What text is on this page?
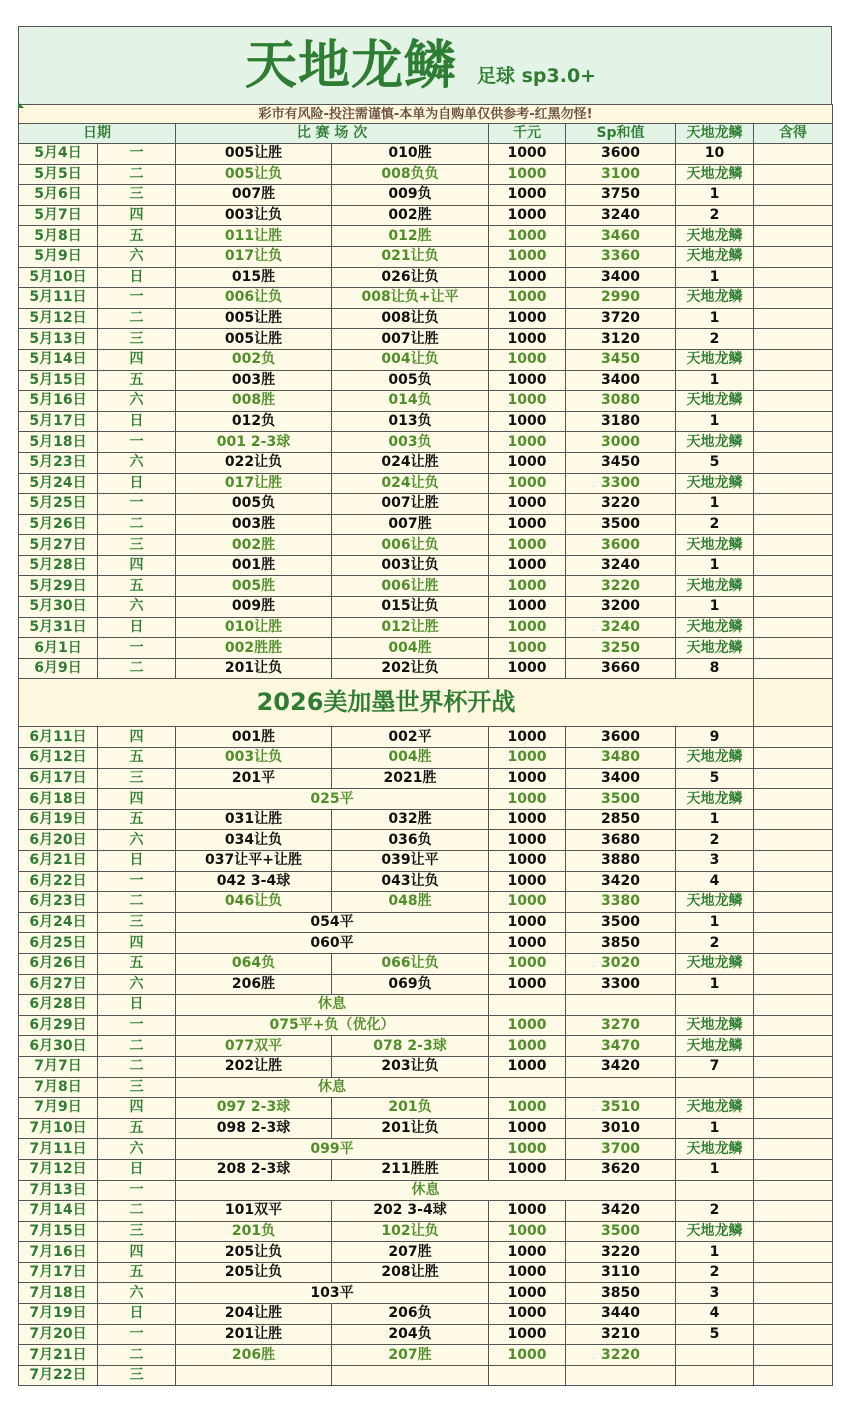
天地龙鳞 足球 sp3.0+
彩市有风险-投注需谨慎-本单为自购单仅供参考-红黑勿怪!							
日期		比 赛 场 次		千元	Sp和值	天地龙鳞	含得
5月4日	一	005让胜	010胜	1000	3600	10	
5月5日	二	005让负	008负负	1000	3100	天地龙鳞	
5月6日	三	007胜	009负	1000	3750	1	
5月7日	四	003让负	002胜	1000	3240	2	
5月8日	五	011让胜	012胜	1000	3460	天地龙鳞	
5月9日	六	017让负	021让负	1000	3360	天地龙鳞	
5月10日	日	015胜	026让负	1000	3400	1	
5月11日	一	006让负	008让负+让平	1000	2990	天地龙鳞	
5月12日	二	005让胜	008让负	1000	3720	1	
5月13日	三	005让胜	007让胜	1000	3120	2	
5月14日	四	002负	004让负	1000	3450	天地龙鳞	
5月15日	五	003胜	005负	1000	3400	1	
5月16日	六	008胜	014负	1000	3080	天地龙鳞	
5月17日	日	012负	013负	1000	3180	1	
5月18日	一	001 2-3球	003负	1000	3000	天地龙鳞	
5月23日	六	022让负	024让胜	1000	3450	5	
5月24日	日	017让胜	024让负	1000	3300	天地龙鳞	
5月25日	一	005负	007让胜	1000	3220	1	
5月26日	二	003胜	007胜	1000	3500	2	
5月27日	三	002胜	006让负	1000	3600	天地龙鳞	
5月28日	四	001胜	003让负	1000	3240	1	
5月29日	五	005胜	006让胜	1000	3220	天地龙鳞	
5月30日	六	009胜	015让负	1000	3200	1	
5月31日	日	010让胜	012让胜	1000	3240	天地龙鳞	
6月1日	一	002胜胜	004胜	1000	3250	天地龙鳞	
6月9日	二	201让负	202让负	1000	3660	8	
2026美加墨世界杯开战							
6月11日	四	001胜	002平	1000	3600	9	
6月12日	五	003让负	004胜	1000	3480	天地龙鳞	
6月17日	三	201平	2021胜	1000	3400	5	
6月18日	四	025平		1000	3500	天地龙鳞	
6月19日	五	031让胜	032胜	1000	2850	1	
6月20日	六	034让负	036负	1000	3680	2	
6月21日	日	037让平+让胜	039让平	1000	3880	3	
6月22日	一	042 3-4球	043让负	1000	3420	4	
6月23日	二	046让负	048胜	1000	3380	天地龙鳞	
6月24日	三	054平		1000	3500	1	
6月25日	四	060平		1000	3850	2	
6月26日	五	064负	066让负	1000	3020	天地龙鳞	
6月27日	六	206胜	069负	1000	3300	1	
6月28日	日	休息					
6月29日	一	075平+负（优化）		1000	3270	天地龙鳞	
6月30日	二	077双平	078 2-3球	1000	3470	天地龙鳞	
7月7日	二	202让胜	203让负	1000	3420	7	
7月8日	三	休息					
7月9日	四	097 2-3球	201负	1000	3510	天地龙鳞	
7月10日	五	098 2-3球	201让负	1000	3010	1	
7月11日	六	099平		1000	3700	天地龙鳞	
7月12日	日	208 2-3球	211胜胜	1000	3620	1	
7月13日	一	休息					
7月14日	二	101双平	202 3-4球	1000	3420	2	
7月15日	三	201负	102让负	1000	3500	天地龙鳞	
7月16日	四	205让负	207胜	1000	3220	1	
7月17日	五	205让负	208让胜	1000	3110	2	
7月18日	六	103平		1000	3850	3	
7月19日	日	204让胜	206负	1000	3440	4	
7月20日	一	201让胜	204负	1000	3210	5	
7月21日	二	206胜	207胜	1000	3220		
7月22日	三						
